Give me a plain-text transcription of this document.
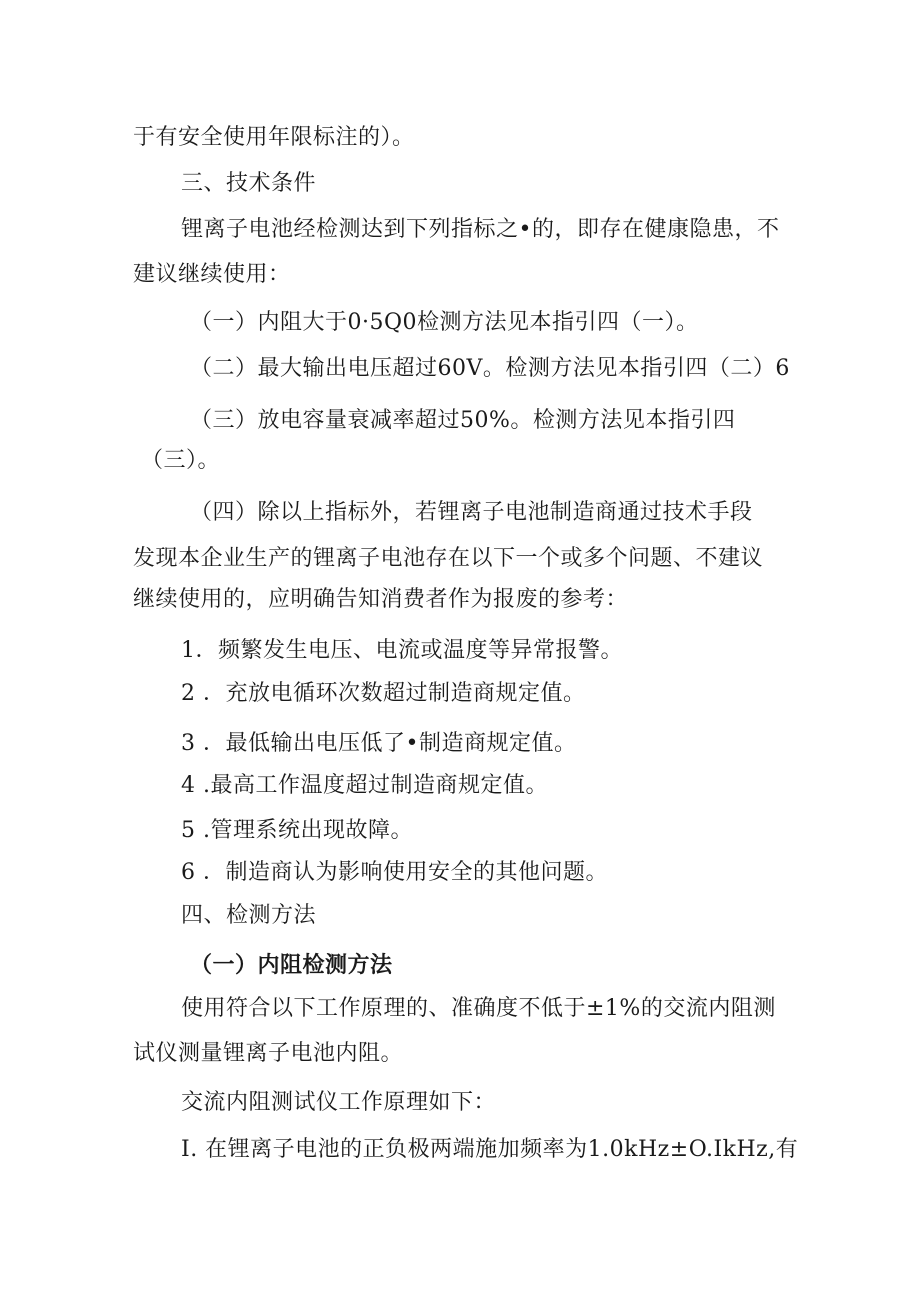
于有安全使用年限标注的）。

三、技术条件

锂离子电池经检测达到下列指标之•的，即存在健康隐患，不

建议继续使用：

（一）内阻大于0·5Q0检测方法见本指引四（一）。

（二）最大输出电压超过60V。检测方法见本指引四（二）6

（三）放电容量衰减率超过50%。检测方法见本指引四

（三）。

（四）除以上指标外，若锂离子电池制造商通过技术手段

发现本企业生产的锂离子电池存在以下一个或多个问题、不建议

继续使用的，应明确告知消费者作为报废的参考：

1．频繁发生电压、电流或温度等异常报警。

2 ．充放电循环次数超过制造商规定值。

3 ．最低输出电压低了•制造商规定值。

4 .最高工作温度超过制造商规定值。

5 .管理系统出现故障。

6 ．制造商认为影响使用安全的其他问题。

四、检测方法

（一）内阻检测方法

使用符合以下工作原理的、准确度不低于±1%的交流内阻测

试仪测量锂离子电池内阻。

交流内阻测试仪工作原理如下：

I. 在锂离子电池的正负极两端施加频率为1.0kHz±O.IkHz,有
